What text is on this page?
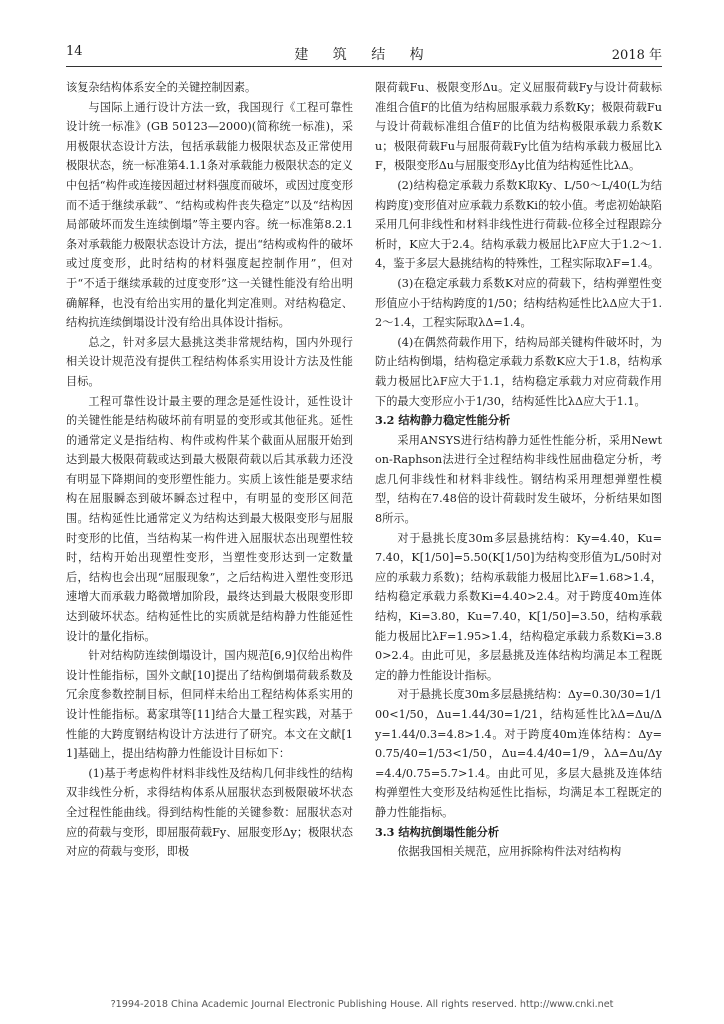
14	建 筑 结 构	2018 年

该复杂结构体系安全的关键控制因素。

与国际上通行设计方法一致，我国现行《工程可靠性设计统一标准》(GB 50123—2000)(简称统一标准)，采用极限状态设计方法，包括承载能力极限状态及正常使用极限状态，统一标准第4.1.1条对承载能力极限状态的定义中包括“构件或连接因超过材料强度而破坏，或因过度变形而不适于继续承载”、“结构或构件丧失稳定”以及“结构因局部破坏而发生连续倒塌”等主要内容。统一标准第8.2.1条对承载能力极限状态设计方法，提出“结构或构件的破坏或过度变形，此时结构的材料强度起控制作用”，但对于“不适于继续承载的过度变形”这一关键性能没有给出明确解释，也没有给出实用的量化判定准则。对结构稳定、结构抗连续倒塌设计没有给出具体设计指标。

总之，针对多层大悬挑这类非常规结构，国内外现行相关设计规范没有提供工程结构体系实用设计方法及性能目标。

工程可靠性设计最主要的理念是延性设计，延性设计的关键性能是结构破坏前有明显的变形或其他征兆。延性的通常定义是指结构、构件或构件某个截面从屈服开始到达到最大极限荷载或达到最大极限荷载以后其承载力还没有明显下降期间的变形塑性能力。实质上该性能是要求结构在屈服瞬态到破坏瞬态过程中，有明显的变形区间范围。结构延性比通常定义为结构达到最大极限变形与屈服时变形的比值，当结构某一构件进入屈服状态出现塑性较时，结构开始出现塑性变形，当塑性变形达到一定数量后，结构也会出现“屈服现象”，之后结构进入塑性变形迅速增大而承载力略微增加阶段，最终达到最大极限变形即达到破坏状态。结构延性比的实质就是结构静力性能延性设计的量化指标。

针对结构防连续倒塌设计，国内规范[6,9]仅给出构件设计性能指标，国外文献[10]提出了结构倒塌荷载系数及冗余度参数控制目标，但同样未给出工程结构体系实用的设计性能指标。葛家琪等[11]结合大量工程实践，对基于性能的大跨度钢结构设计方法进行了研究。本文在文献[11]基础上，提出结构静力性能设计目标如下：

(1)基于考虑构件材料非线性及结构几何非线性的结构双非线性分析，求得结构体系从屈服状态到极限破坏状态全过程性能曲线。得到结构性能的关键参数：屈服状态对应的荷载与变形，即屈服荷载Fy、屈服变形Δy；极限状态对应的荷载与变形，即极

限荷载Fu、极限变形Δu。定义屈服荷载Fy与设计荷载标准组合值F的比值为结构屈服承载力系数Ky；极限荷载Fu与设计荷载标准组合值F的比值为结构极限承载力系数Ku；极限荷载Fu与屈服荷载Fy比值为结构承载力极屈比λF，极限变形Δu与屈服变形Δy比值为结构延性比λΔ。

(2)结构稳定承载力系数K取Ky、L/50～L/40(L为结构跨度)变形值对应承载力系数Ki的较小值。考虑初始缺陷采用几何非线性和材料非线性进行荷载-位移全过程跟踪分析时，K应大于2.4。结构承载力极屈比λF应大于1.2～1.4，鉴于多层大悬挑结构的特殊性，工程实际取λF=1.4。

(3)在稳定承载力系数K对应的荷载下，结构弹塑性变形值应小于结构跨度的1/50；结构结构延性比λΔ应大于1.2～1.4，工程实际取λΔ=1.4。

(4)在偶然荷载作用下，结构局部关键构件破坏时，为防止结构倒塌，结构稳定承载力系数K应大于1.8，结构承载力极屈比λF应大于1.1，结构稳定承载力对应荷载作用下的最大变形应小于1/30，结构延性比λΔ应大于1.1。

3.2 结构静力稳定性能分析

采用ANSYS进行结构静力延性性能分析，采用Newton-Raphson法进行全过程结构非线性屈曲稳定分析，考虑几何非线性和材料非线性。钢结构采用理想弹塑性模型，结构在7.48倍的设计荷载时发生破坏，分析结果如图8所示。

对于悬挑长度30m多层悬挑结构：Ky=4.40，Ku=7.40，K[1/50]=5.50(K[1/50]为结构变形值为L/50时对应的承载力系数)；结构承载能力极屈比λF=1.68>1.4，结构稳定承载力系数Ki=4.40>2.4。对于跨度40m连体结构，Ki=3.80，Ku=7.40，K[1/50]=3.50，结构承载能力极屈比λF=1.95>1.4，结构稳定承载力系数Ki=3.80>2.4。由此可见，多层悬挑及连体结构均满足本工程既定的静力性能设计指标。

对于悬挑长度30m多层悬挑结构：Δy=0.30/30=1/100<1/50，Δu=1.44/30=1/21，结构延性比λΔ=Δu/Δy=1.44/0.3=4.8>1.4。对于跨度40m连体结构：Δy=0.75/40=1/53<1/50，Δu=4.4/40=1/9，λΔ=Δu/Δy=4.4/0.75=5.7>1.4。由此可见，多层大悬挑及连体结构弹塑性大变形及结构延性比指标，均满足本工程既定的静力性能指标。

3.3 结构抗倒塌性能分析

依据我国相关规范，应用拆除构件法对结构构

?1994-2018 China Academic Journal Electronic Publishing House. All rights reserved. http://www.cnki.net
